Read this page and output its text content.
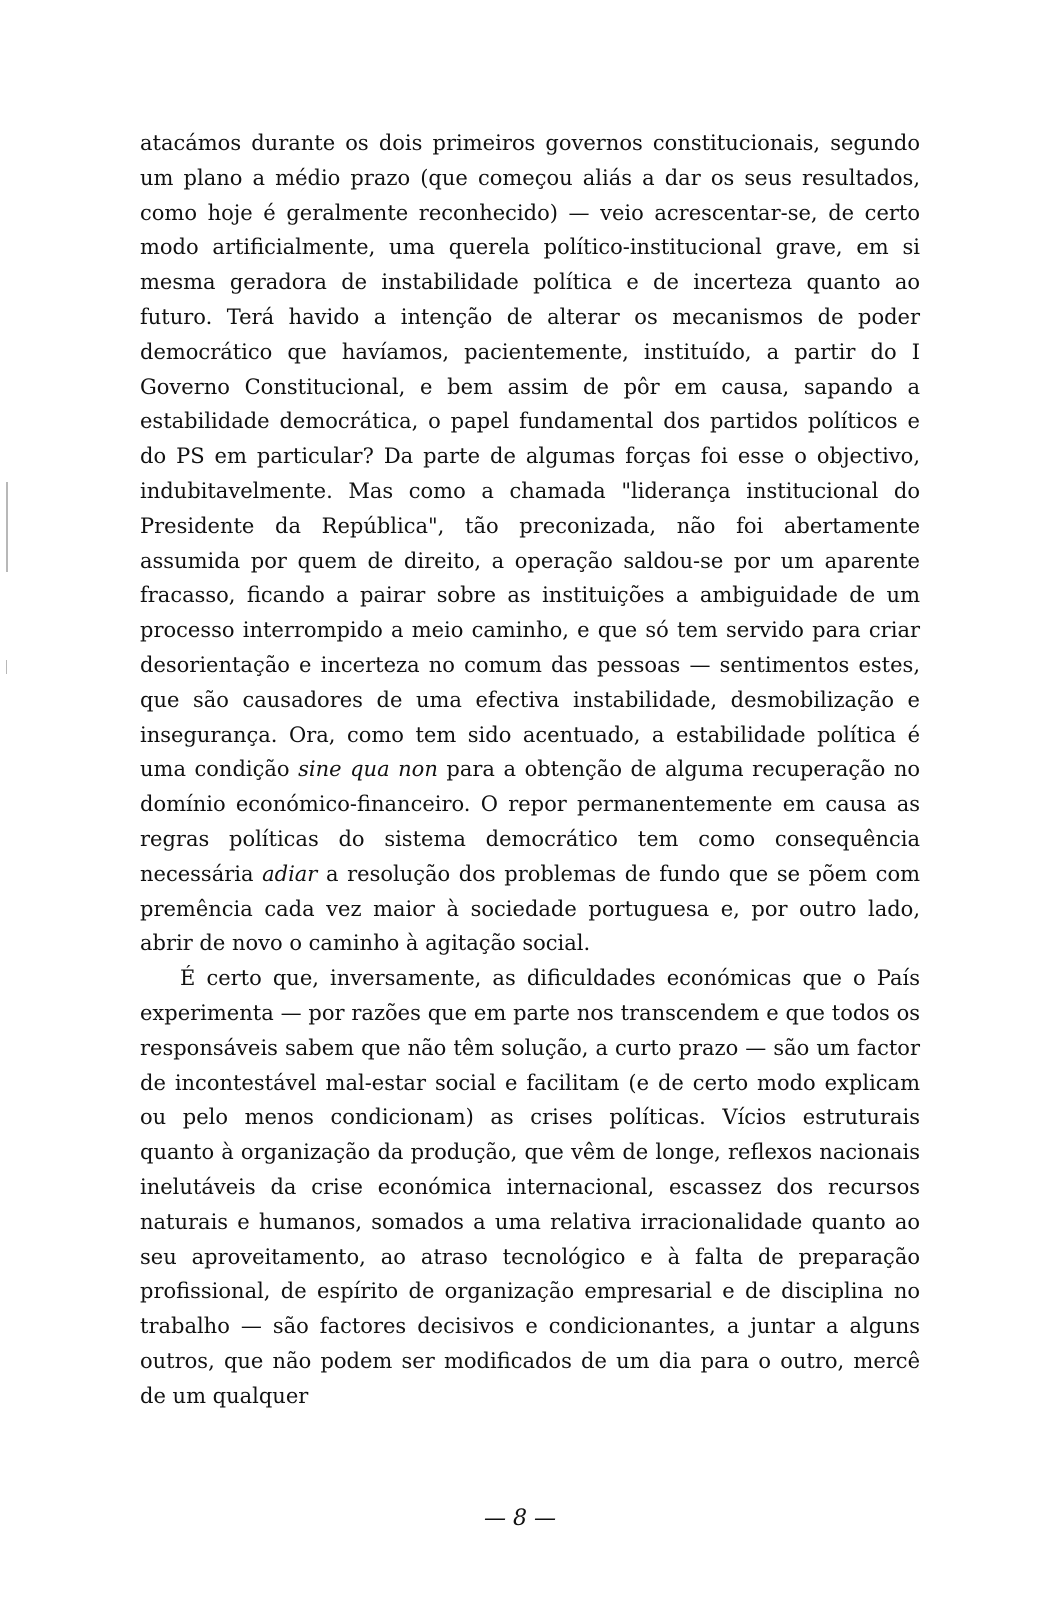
atacámos durante os dois primeiros governos constitucionais, segundo um plano a médio prazo (que começou aliás a dar os seus resultados, como hoje é geralmente reconhecido) — veio acrescentar-se, de certo modo artificialmente, uma querela político-institucional grave, em si mesma geradora de instabilidade política e de incerteza quanto ao futuro. Terá havido a intenção de alterar os mecanismos de poder democrático que havíamos, pacientemente, instituído, a partir do I Governo Constitucional, e bem assim de pôr em causa, sapando a estabilidade democrática, o papel fundamental dos partidos políticos e do PS em particular? Da parte de algumas forças foi esse o objectivo, indubitavelmente. Mas como a chamada "liderança institucional do Presidente da República", tão preconizada, não foi abertamente assumida por quem de direito, a operação saldou-se por um aparente fracasso, ficando a pairar sobre as instituições a ambiguidade de um processo interrompido a meio caminho, e que só tem servido para criar desorientação e incerteza no comum das pessoas — sentimentos estes, que são causadores de uma efectiva instabilidade, desmobilização e insegurança. Ora, como tem sido acentuado, a estabilidade política é uma condição sine qua non para a obtenção de alguma recuperação no domínio económico-financeiro. O repor permanentemente em causa as regras políticas do sistema democrático tem como consequência necessária adiar a resolução dos problemas de fundo que se põem com premência cada vez maior à sociedade portuguesa e, por outro lado, abrir de novo o caminho à agitação social.

É certo que, inversamente, as dificuldades económicas que o País experimenta — por razões que em parte nos transcendem e que todos os responsáveis sabem que não têm solução, a curto prazo — são um factor de incontestável mal-estar social e facilitam (e de certo modo explicam ou pelo menos condicionam) as crises políticas. Vícios estruturais quanto à organização da produção, que vêm de longe, reflexos nacionais inelutáveis da crise económica internacional, escassez dos recursos naturais e humanos, somados a uma relativa irracionalidade quanto ao seu aproveitamento, ao atraso tecnológico e à falta de preparação profissional, de espírito de organização empresarial e de disciplina no trabalho — são factores decisivos e condicionantes, a juntar a alguns outros, que não podem ser modificados de um dia para o outro, mercê de um qualquer

— 8 —
